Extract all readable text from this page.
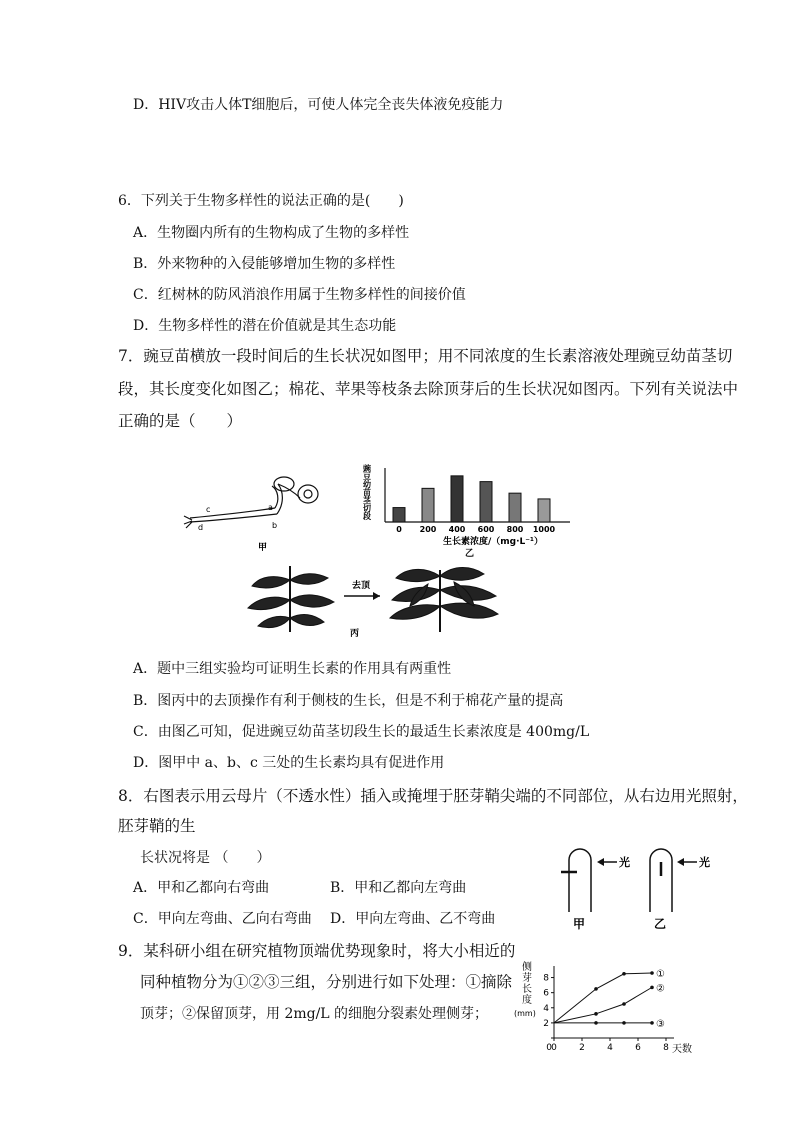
D．HIV攻击人体T细胞后，可使人体完全丧失体液免疫能力
6．下列关于生物多样性的说法正确的是(　　)
A．生物圈内所有的生物构成了生物的多样性
B．外来物种的入侵能够增加生物的多样性
C．红树林的防风消浪作用属于生物多样性的间接价值
D．生物多样性的潜在价值就是其生态功能
7．豌豆苗横放一段时间后的生长状况如图甲；用不同浓度的生长素溶液处理豌豆幼苗茎切
段，其长度变化如图乙；棉花、苹果等枝条去除顶芽后的生长状况如图丙。下列有关说法中
正确的是（　　）
c	a
b
d
甲
豌豆幼苗茎切段
0 200 400 600 800 1000
生长素浓度/（mg·L⁻¹）
乙
去顶
丙
A．题中三组实验均可证明生长素的作用具有两重性
B．图丙中的去顶操作有利于侧枝的生长，但是不利于棉花产量的提高
C．由图乙可知，促进豌豆幼苗茎切段生长的最适生长素浓度是 400mg/L
D．图甲中 a、b、c 三处的生长素均具有促进作用
8．右图表示用云母片（不透水性）插入或掩埋于胚芽鞘尖端的不同部位，从右边用光照射，
胚芽鞘的生
长状况将是 （　　）
A．甲和乙都向右弯曲	B．甲和乙都向左弯曲
C．甲向左弯曲、乙向右弯曲 D．甲向左弯曲、乙不弯曲
光	光
甲	乙
9．某科研小组在研究植物顶端优势现象时，将大小相近的
同种植物分为①②③三组，分别进行如下处理：①摘除
顶芽；②保留顶芽，用 2mg/L 的细胞分裂素处理侧芽；
侧
芽
长
度
(mm)
0 2 4 6 8
2
4
6
8
0
①
②
③
天数
